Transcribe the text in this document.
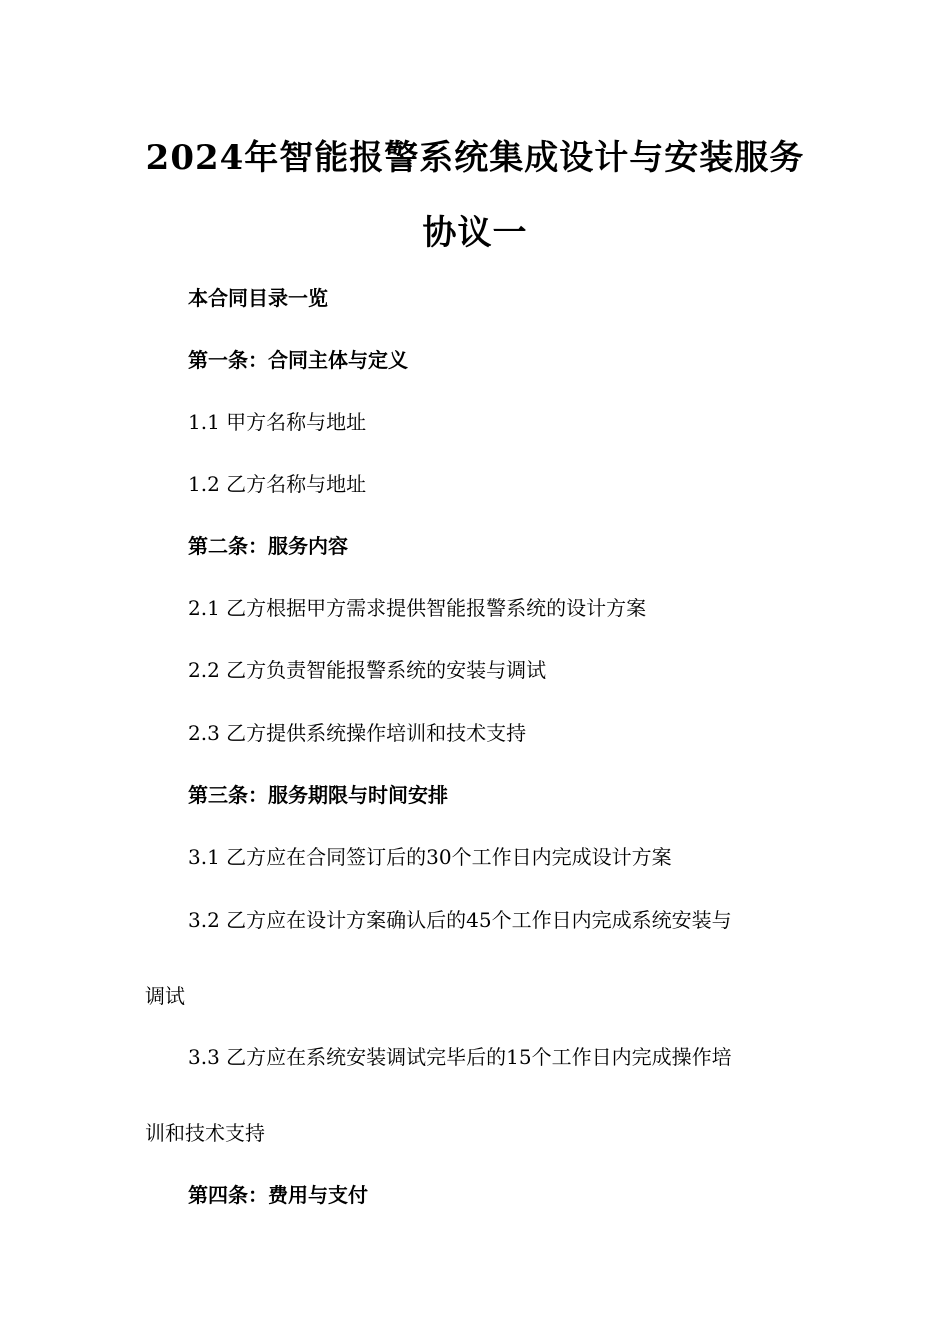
2024年智能报警系统集成设计与安装服务
协议一

本合同目录一览

第一条：合同主体与定义

1.1 甲方名称与地址

1.2 乙方名称与地址

第二条：服务内容

2.1 乙方根据甲方需求提供智能报警系统的设计方案

2.2 乙方负责智能报警系统的安装与调试

2.3 乙方提供系统操作培训和技术支持

第三条：服务期限与时间安排

3.1 乙方应在合同签订后的30个工作日内完成设计方案

3.2 乙方应在设计方案确认后的45个工作日内完成系统安装与

调试

3.3 乙方应在系统安装调试完毕后的15个工作日内完成操作培

训和技术支持

第四条：费用与支付
